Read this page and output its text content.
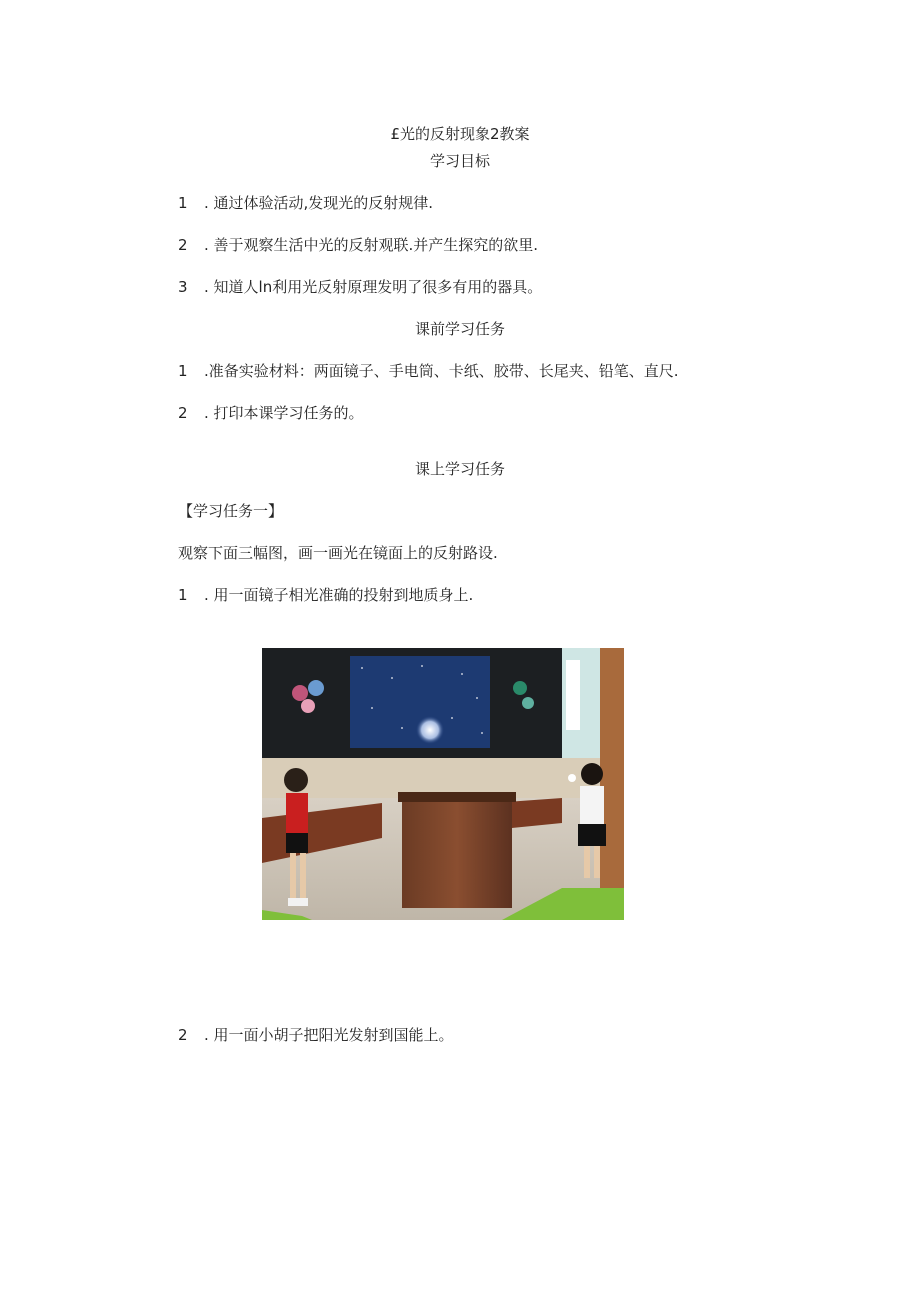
£光的反射现象2教案
学习目标
1 . 通过体验活动,发现光的反射规律.
2 . 善于观察生活中光的反射观联.并产生探究的欲里.
3 . 知道人ln利用光反射原理发明了很多有用的器具。
课前学习任务
1 .准备实验材料：两面镜子、手电筒、卡纸、胶带、长尾夹、铅笔、直尺.
2 . 打印本课学习任务的。
课上学习任务
【学习任务一】
观察下面三幅图，画一画光在镜面上的反射路设.
1 . 用一面镜子相光准确的投射到地质身上.
2 . 用一面小胡子把阳光发射到国能上。
